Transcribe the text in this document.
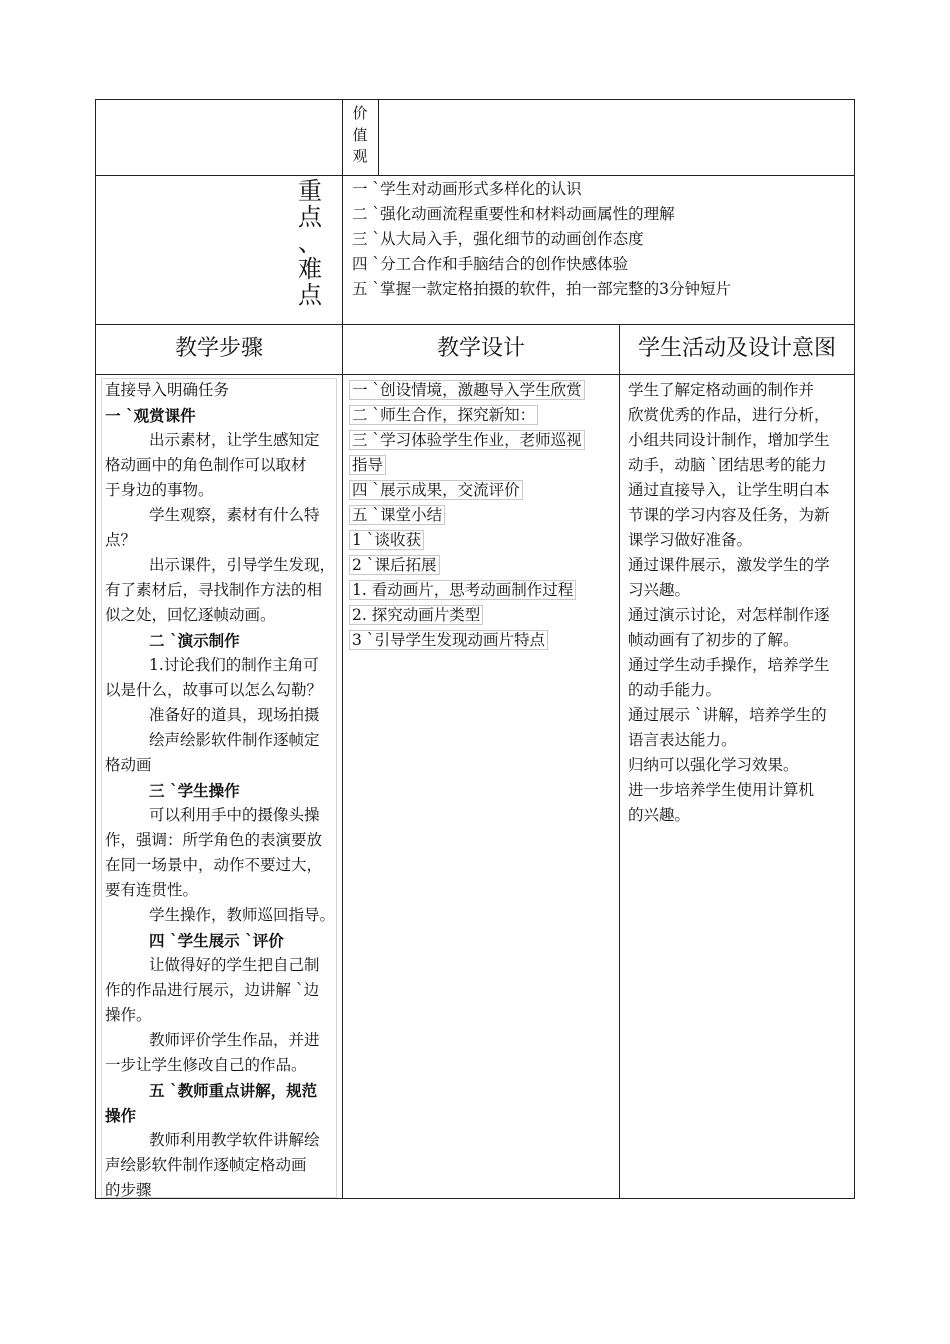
价
值
观
重
点
、
难
点
一 `学生对动画形式多样化的认识
二 `强化动画流程重要性和材料动画属性的理解
三 `从大局入手，强化细节的动画创作态度
四 `分工合作和手脑结合的创作快感体验
五 `掌握一款定格拍摄的软件，拍一部完整的3分钟短片
教学步骤	教学设计	学生活动及设计意图
直接导入明确任务
一 `观赏课件
出示素材，让学生感知定
格动画中的角色制作可以取材
于身边的事物。
学生观察，素材有什么特
点？
出示课件，引导学生发现，
有了素材后，寻找制作方法的相
似之处，回忆逐帧动画。
二 `演示制作
1.讨论我们的制作主角可
以是什么，故事可以怎么勾勒？
准备好的道具，现场拍摄
绘声绘影软件制作逐帧定
格动画
三 `学生操作
可以利用手中的摄像头操
作，强调：所学角色的表演要放
在同一场景中，动作不要过大，
要有连贯性。
学生操作，教师巡回指导。
四 `学生展示 `评价
让做得好的学生把自己制
作的作品进行展示，边讲解 `边
操作。
教师评价学生作品，并进
一步让学生修改自己的作品。
五 `教师重点讲解，规范
操作
教师利用教学软件讲解绘
声绘影软件制作逐帧定格动画
的步骤
一 `创设情境，激趣导入学生欣赏
二 `师生合作，探究新知：
三 `学习体验学生作业，老师巡视
指导
四 `展示成果，交流评价
五 `课堂小结
1 `谈收获
2 `课后拓展
1. 看动画片，思考动画制作过程
2. 探究动画片类型
3 `引导学生发现动画片特点
学生了解定格动画的制作并
欣赏优秀的作品，进行分析，
小组共同设计制作，增加学生
动手，动脑 `团结思考的能力
通过直接导入，让学生明白本
节课的学习内容及任务，为新
课学习做好准备。
通过课件展示，激发学生的学
习兴趣。
通过演示讨论，对怎样制作逐
帧动画有了初步的了解。
通过学生动手操作，培养学生
的动手能力。
通过展示 `讲解，培养学生的
语言表达能力。
归纳可以强化学习效果。
进一步培养学生使用计算机
的兴趣。
